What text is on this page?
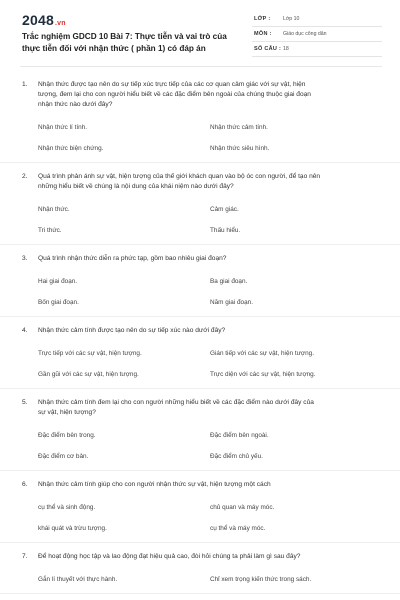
2048.vn
Trắc nghiệm GDCD 10 Bài 7: Thực tiễn và vai trò của thực tiễn đối với nhận thức ( phần 1) có đáp án
LỚP : Lớp 10
MÔN : Giáo dục công dân
SỐ CÂU : 18
1.	Nhận thức được tạo nên do sự tiếp xúc trực tiếp của các cơ quan cảm giác với sự vật, hiện
tượng, đem lại cho con người hiểu biết về các đặc điểm bên ngoài của chúng thuộc giai đoạn
nhận thức nào dưới đây?
Nhận thức lí tính.	Nhận thức cảm tính.
Nhận thức biện chứng.	Nhận thức siêu hình.
2.	Quá trình phản ánh sự vật, hiện tượng của thế giới khách quan vào bộ óc con người, để tạo nên
những hiểu biết về chúng là nội dung của khái niệm nào dưới đây?
Nhận thức.	Cảm giác.
Tri thức.	Thấu hiểu.
3.	Quá trình nhận thức diễn ra phức tạp, gồm bao nhiêu giai đoạn?
Hai giai đoạn.	Ba giai đoạn.
Bốn giai đoạn.	Năm giai đoạn.
4.	Nhận thức cảm tính được tạo nên do sự tiếp xúc nào dưới đây?
Trực tiếp với các sự vật, hiện tượng.	Gián tiếp với các sự vật, hiện tượng.
Gần gũi với các sự vật, hiện tượng.	Trực diện với các sự vật, hiện tượng.
5.	Nhận thức cảm tính đem lại cho con người những hiểu biết về các đặc điểm nào dưới đây của
sự vật, hiện tượng?
Đặc điểm bên trong.	Đặc điểm bên ngoài.
Đặc điểm cơ bản.	Đặc điểm chủ yếu.
6.	Nhận thức cảm tính giúp cho con người nhận thức sự vật, hiện tượng một cách
cụ thể và sinh động.	chủ quan và máy móc.
khái quát và trừu tượng.	cụ thể và máy móc.
7.	Để hoạt động học tập và lao động đạt hiệu quả cao, đòi hỏi chúng ta phải làm gì sau đây?
Gắn lí thuyết với thực hành.	Chỉ xem trọng kiến thức trong sách.
